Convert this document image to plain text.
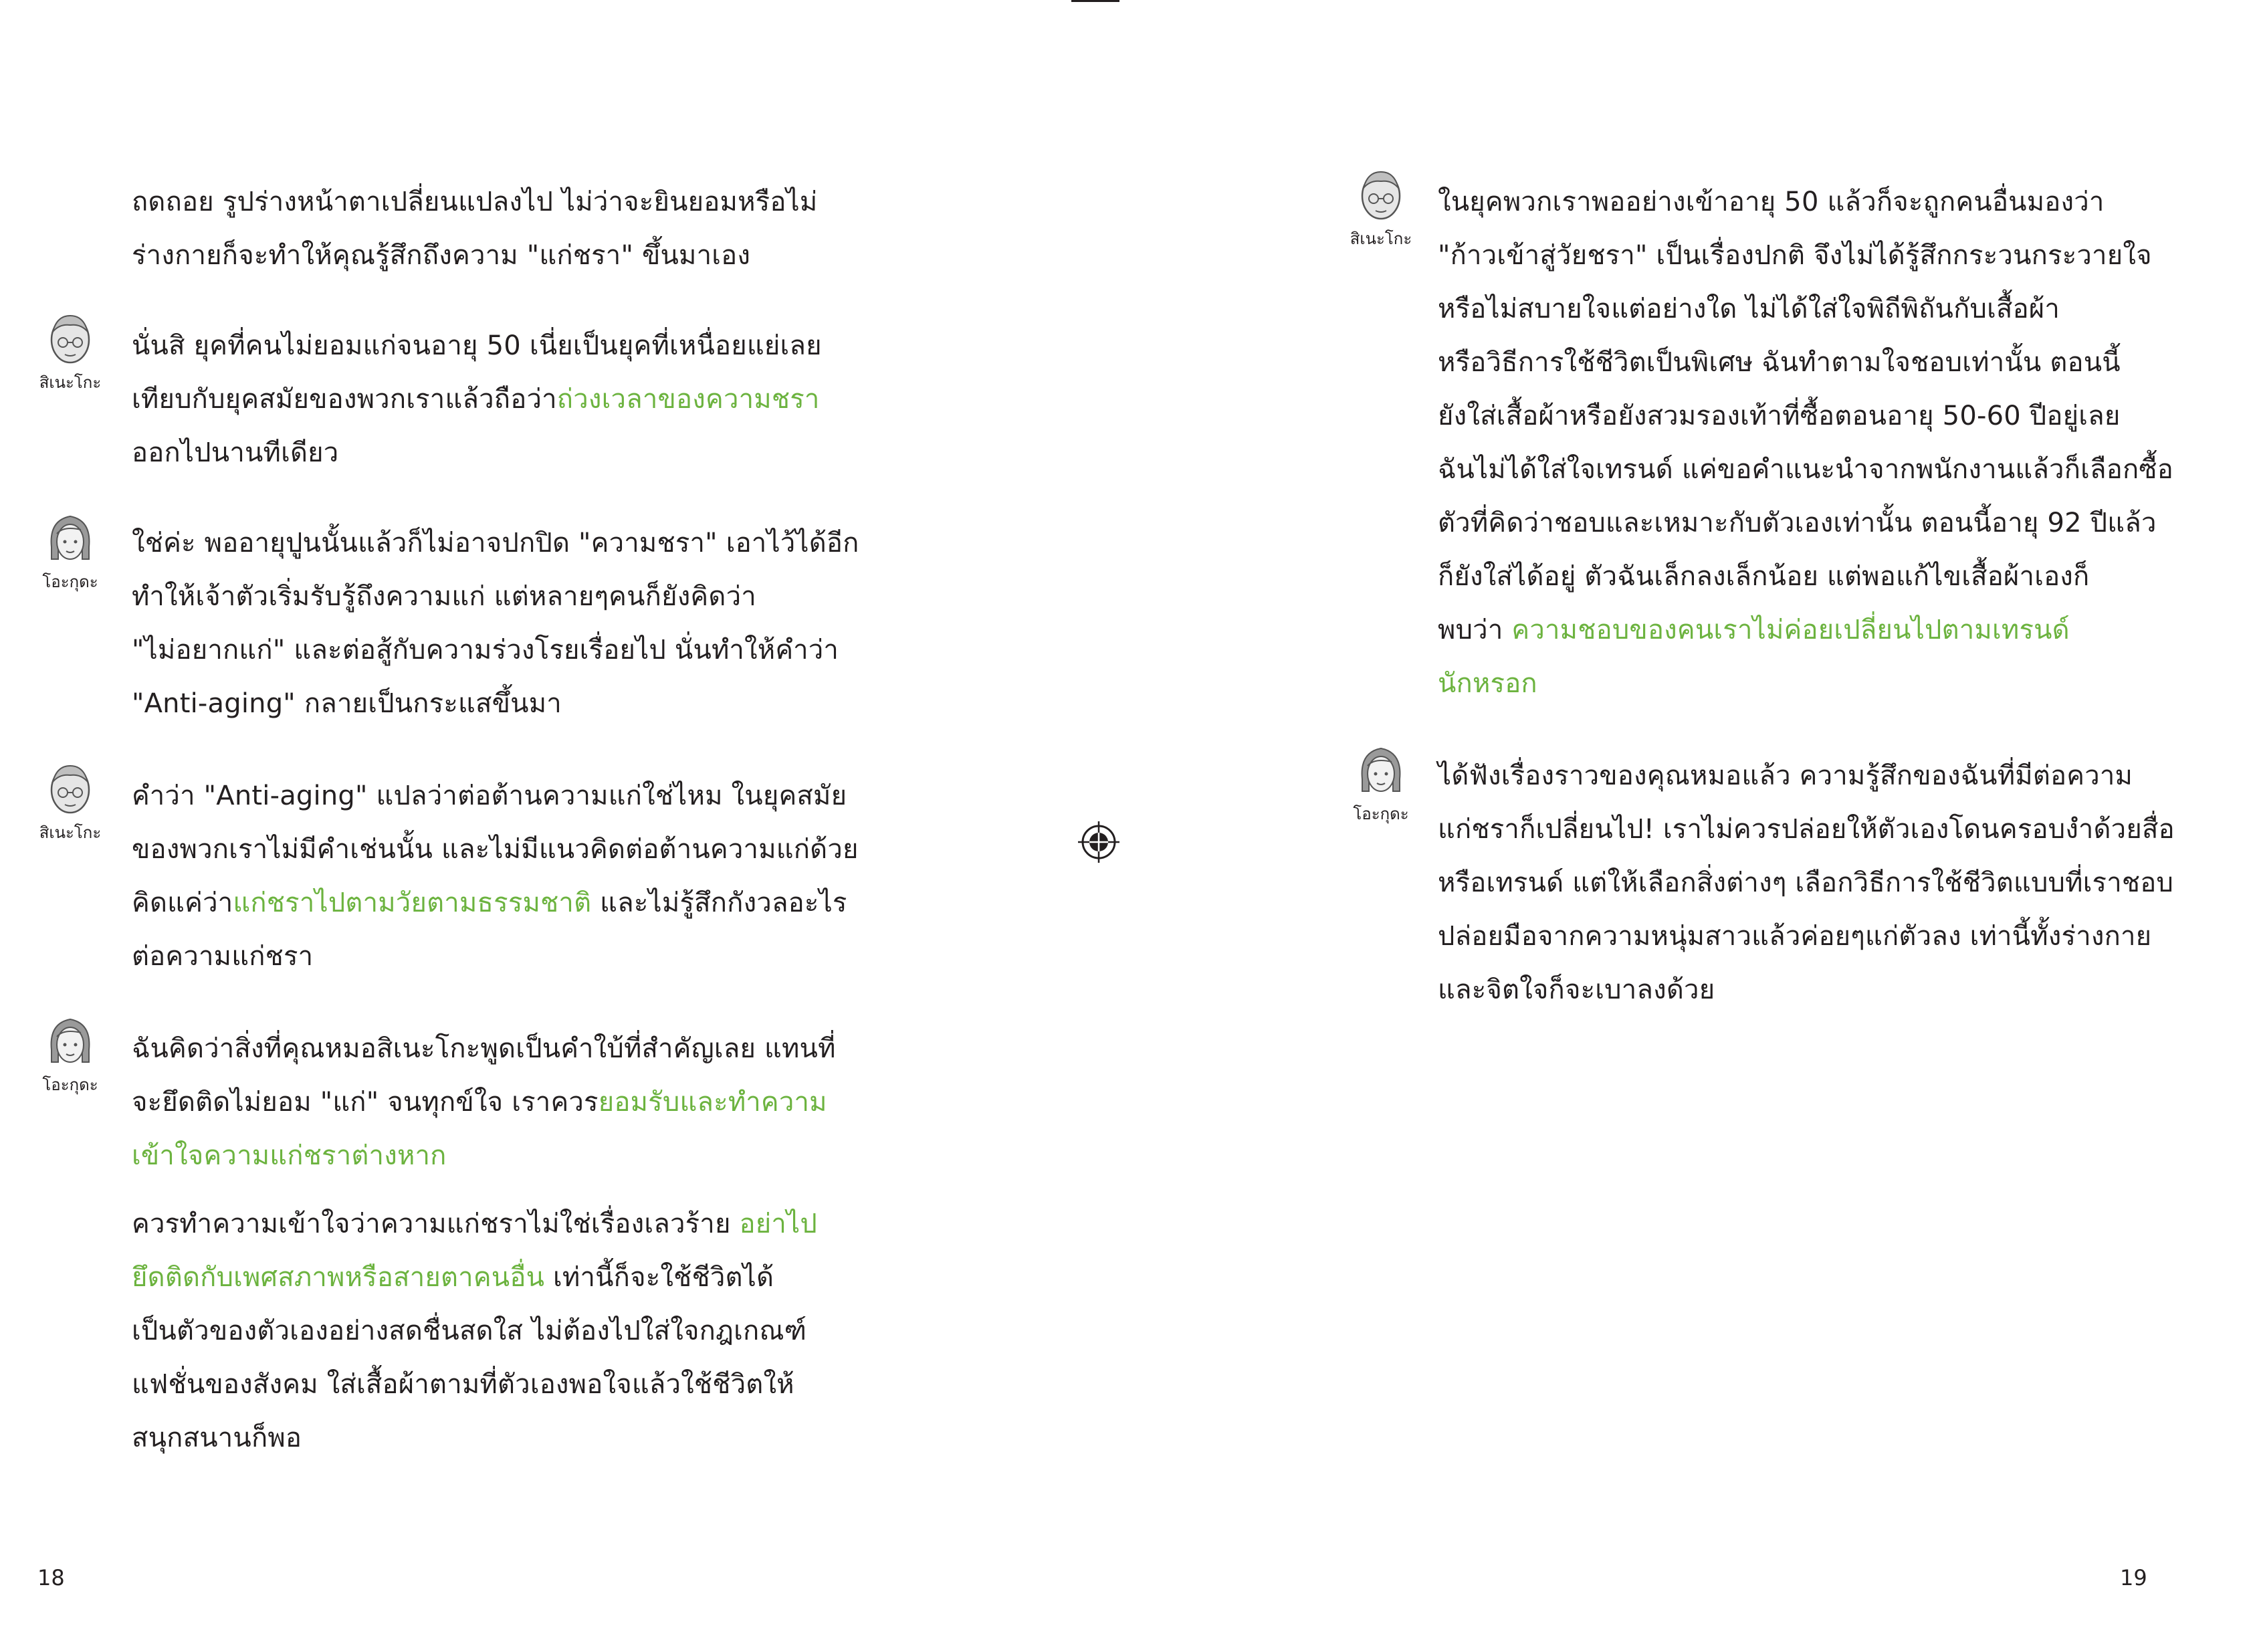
ถดถอย รูปร่างหน้าตาเปลี่ยนแปลงไป ไม่ว่าจะยินยอมหรือไม่
ร่างกายก็จะทำให้คุณรู้สึกถึงความ "แก่ชรา" ขึ้นมาเอง

สิเนะโกะ

นั่นสิ ยุคที่คนไม่ยอมแก่จนอายุ 50 เนี่ยเป็นยุคที่เหนื่อยแย่เลย
เทียบกับยุคสมัยของพวกเราแล้วถือว่าถ่วงเวลาของความชรา
ออกไปนานทีเดียว

โอะกุดะ

ใช่ค่ะ พออายุปูนนั้นแล้วก็ไม่อาจปกปิด "ความชรา" เอาไว้ได้อีก
ทำให้เจ้าตัวเริ่มรับรู้ถึงความแก่ แต่หลายๆคนก็ยังคิดว่า
"ไม่อยากแก่" และต่อสู้กับความร่วงโรยเรื่อยไป นั่นทำให้คำว่า
"Anti-aging" กลายเป็นกระแสขึ้นมา

สิเนะโกะ

คำว่า "Anti-aging" แปลว่าต่อต้านความแก่ใช่ไหม ในยุคสมัย
ของพวกเราไม่มีคำเช่นนั้น และไม่มีแนวคิดต่อต้านความแก่ด้วย
คิดแค่ว่าแก่ชราไปตามวัยตามธรรมชาติ และไม่รู้สึกกังวลอะไร
ต่อความแก่ชรา

โอะกุดะ

ฉันคิดว่าสิ่งที่คุณหมอสิเนะโกะพูดเป็นคำใบ้ที่สำคัญเลย แทนที่
จะยึดติดไม่ยอม "แก่" จนทุกข์ใจ เราควรยอมรับและทำความ
เข้าใจความแก่ชราต่างหาก

ควรทำความเข้าใจว่าความแก่ชราไม่ใช่เรื่องเลวร้าย อย่าไป
ยึดติดกับเพศสภาพหรือสายตาคนอื่น เท่านี้ก็จะใช้ชีวิตได้
เป็นตัวของตัวเองอย่างสดชื่นสดใส ไม่ต้องไปใส่ใจกฎเกณฑ์
แฟชั่นของสังคม ใส่เสื้อผ้าตามที่ตัวเองพอใจแล้วใช้ชีวิตให้
สนุกสนานก็พอ

18
สิเนะโกะ

ในยุคพวกเราพออย่างเข้าอายุ 50 แล้วก็จะถูกคนอื่นมองว่า
"ก้าวเข้าสู่วัยชรา" เป็นเรื่องปกติ จึงไม่ได้รู้สึกกระวนกระวายใจ
หรือไม่สบายใจแต่อย่างใด ไม่ได้ใส่ใจพิถีพิถันกับเสื้อผ้า
หรือวิธีการใช้ชีวิตเป็นพิเศษ ฉันทำตามใจชอบเท่านั้น ตอนนี้
ยังใส่เสื้อผ้าหรือยังสวมรองเท้าที่ซื้อตอนอายุ 50-60 ปีอยู่เลย
ฉันไม่ได้ใส่ใจเทรนด์ แค่ขอคำแนะนำจากพนักงานแล้วก็เลือกซื้อ
ตัวที่คิดว่าชอบและเหมาะกับตัวเองเท่านั้น ตอนนี้อายุ 92 ปีแล้ว
ก็ยังใส่ได้อยู่ ตัวฉันเล็กลงเล็กน้อย แต่พอแก้ไขเสื้อผ้าเองก็
พบว่า ความชอบของคนเราไม่ค่อยเปลี่ยนไปตามเทรนด์
นักหรอก

โอะกุดะ

ได้ฟังเรื่องราวของคุณหมอแล้ว ความรู้สึกของฉันที่มีต่อความ
แก่ชราก็เปลี่ยนไป! เราไม่ควรปล่อยให้ตัวเองโดนครอบงำด้วยสื่อ
หรือเทรนด์ แต่ให้เลือกสิ่งต่างๆ เลือกวิธีการใช้ชีวิตแบบที่เราชอบ
ปล่อยมือจากความหนุ่มสาวแล้วค่อยๆแก่ตัวลง เท่านี้ทั้งร่างกาย
และจิตใจก็จะเบาลงด้วย

19
